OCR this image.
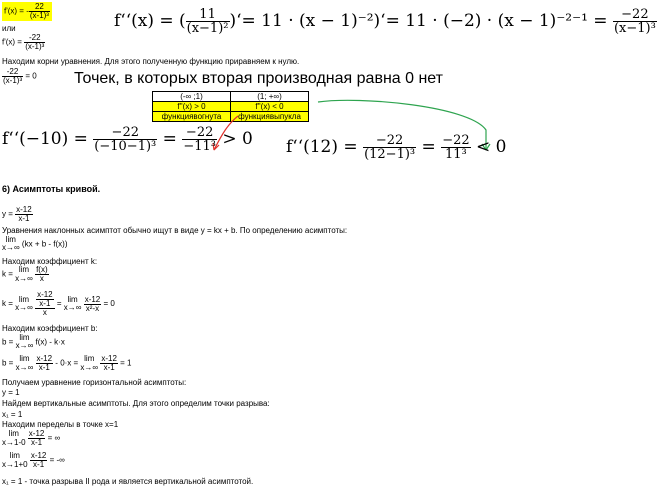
f'(x) = - $\frac{22}{\text{(x-1)³}}$
или
$f'(x) = \frac{-22}{\text{(x-1)³}}$
Находим корни уравнения. Для этого полученную функцию приравняем к нулю.
$\frac{-22}{\text{(x-1)³}} = 0$ Точек, в которых вторая производная равна 0 нет
f‘‘(x) = ( $\frac{11}{\text{(x−1)²}}$ )‘= 11 · (x − 1)⁻²)‘= $11 \cdot (-2) \cdot (x - 1)^{-2-1} = \frac{-22}{\text{(x−1)³}}$
(-∞ ;1)	(1; +∞)
f''(x) > 0	f''(x) < 0
функциявогнута	функциявыпукла
f‘‘(−10) = $\frac{-22}{\text{(−10−1)³}} = \frac{-22}{\text{−11³}} > 0$ f‘‘(12) = $\frac{-22}{\text{(12−1)³}} = \frac{-22}{\text{11³}} < 0$
6) Асимптоты кривой.
$y = \frac{x-12}{x-1}$
Уравнения наклонных асимптот обычно ищут в виде y = kx + b. По определению асимптоты:
lim
x→∞ (kx + b - f(x))
Находим коэффициент k:
k = lim
x→∞
$\frac{f(x)}{x}$
k = lim
x→∞
$\frac{\frac{x-12}{x-1}}{x} = \lim$
x→∞
$\frac{x-12}{\text{x²-x}} = 0$
Находим коэффициент b:
b = lim
x→∞ f(x) - k·x
b = lim
x→∞
$\frac{x-12}{x-1} - 0\cdot x = \lim$
x→∞
$\frac{x-12}{x-1} = 1$
Получаем уравнение горизонтальной асимптоты:
y = 1
Найдем вертикальные асимптоты. Для этого определим точки разрыва:
x₁ = 1
Находим переделы в точке x=1
lim
x→1-0
$\frac{x-12}{x-1}$ = ∞
lim
x→1+0
$\frac{x-12}{x-1}$ = -∞
x₁ = 1 - точка разрыва II рода и является вертикальной асимптотой.
